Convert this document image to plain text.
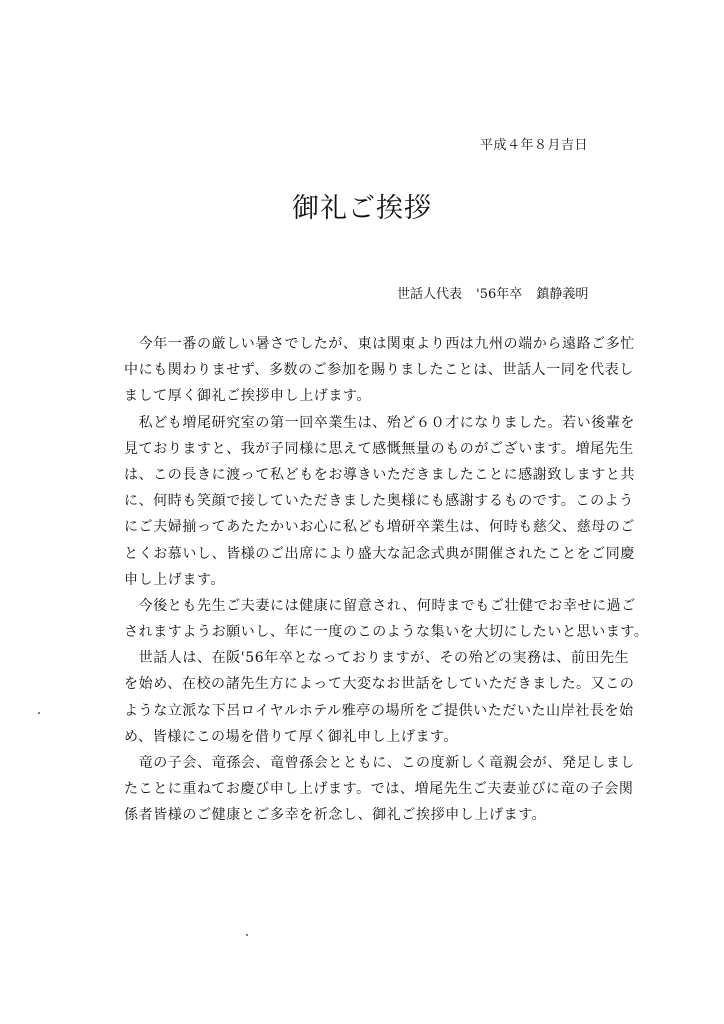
平成４年８月吉日
御礼ご挨拶
世話人代表 '56年卒 鎮静義明
　今年一番の厳しい暑さでしたが、東は関東より西は九州の端から遠路ご多忙
中にも関わりませず、多数のご参加を賜りましたことは、世話人一同を代表し
まして厚く御礼ご挨拶申し上げます。
　私ども増尾研究室の第一回卒業生は、殆ど６０才になりました。若い後輩を
見ておりますと、我が子同様に思えて感慨無量のものがございます。増尾先生
は、この長きに渡って私どもをお導きいただきましたことに感謝致しますと共
に、何時も笑顔で接していただきました奥様にも感謝するものです。このよう
にご夫婦揃ってあたたかいお心に私ども増研卒業生は、何時も慈父、慈母のご
とくお慕いし、皆様のご出席により盛大な記念式典が開催されたことをご同慶
申し上げます。
　今後とも先生ご夫妻には健康に留意され、何時までもご壮健でお幸せに過ご
されますようお願いし、年に一度のこのような集いを大切にしたいと思います。
　世話人は、在阪'56年卒となっておりますが、その殆どの実務は、前田先生
を始め、在校の諸先生方によって大変なお世話をしていただきました。又この
ような立派な下呂ロイヤルホテル雅亭の場所をご提供いただいた山岸社長を始
め、皆様にこの場を借りて厚く御礼申し上げます。
　竜の子会、竜孫会、竜曾孫会とともに、この度新しく竜親会が、発足しまし
たことに重ねてお慶び申し上げます。では、増尾先生ご夫妻並びに竜の子会関
係者皆様のご健康とご多幸を祈念し、御礼ご挨拶申し上げます。
